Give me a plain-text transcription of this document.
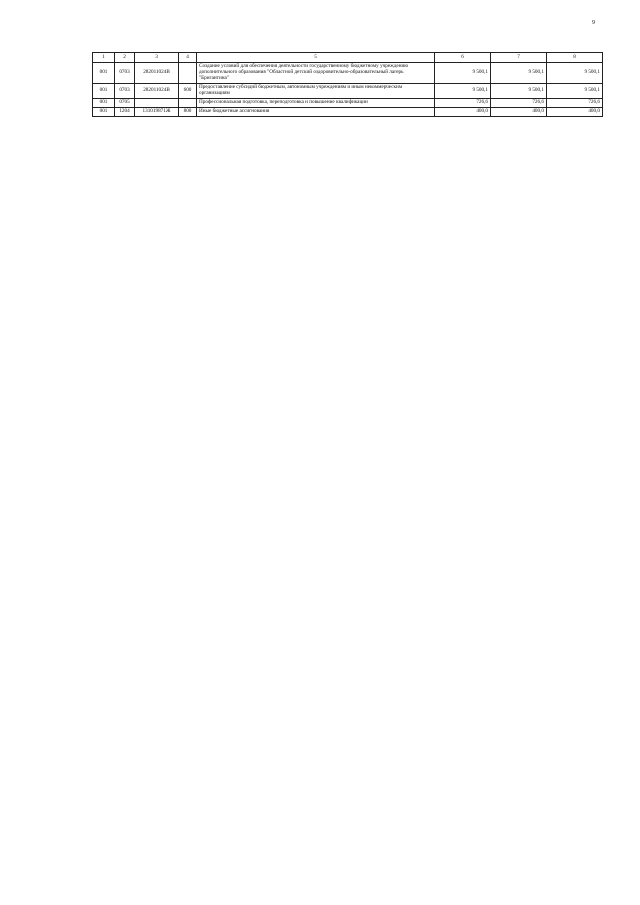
9
1	2	3	4	5	6	7	8
001	0703	282011024В		Создание условий для обеспечения деятельности государственному бюджетному учреждению дополнительного образования "Областной детский оздоровительно-образовательный лагерь "Бригантина"	9 500,1	9 500,1	9 500,1
001	0703	282011024В	600	Предоставление субсидий бюджетным, автономным учреждениям и иным некоммерческим организациям	9 500,1	9 500,1	9 500,1
001	0705			Профессиональная подготовка, переподготовка и повышение квалификации	726,6	726,6	726,6
001	1204	131019871Ж	800	Иные бюджетные ассигнования	400,0	400,0	400,0
